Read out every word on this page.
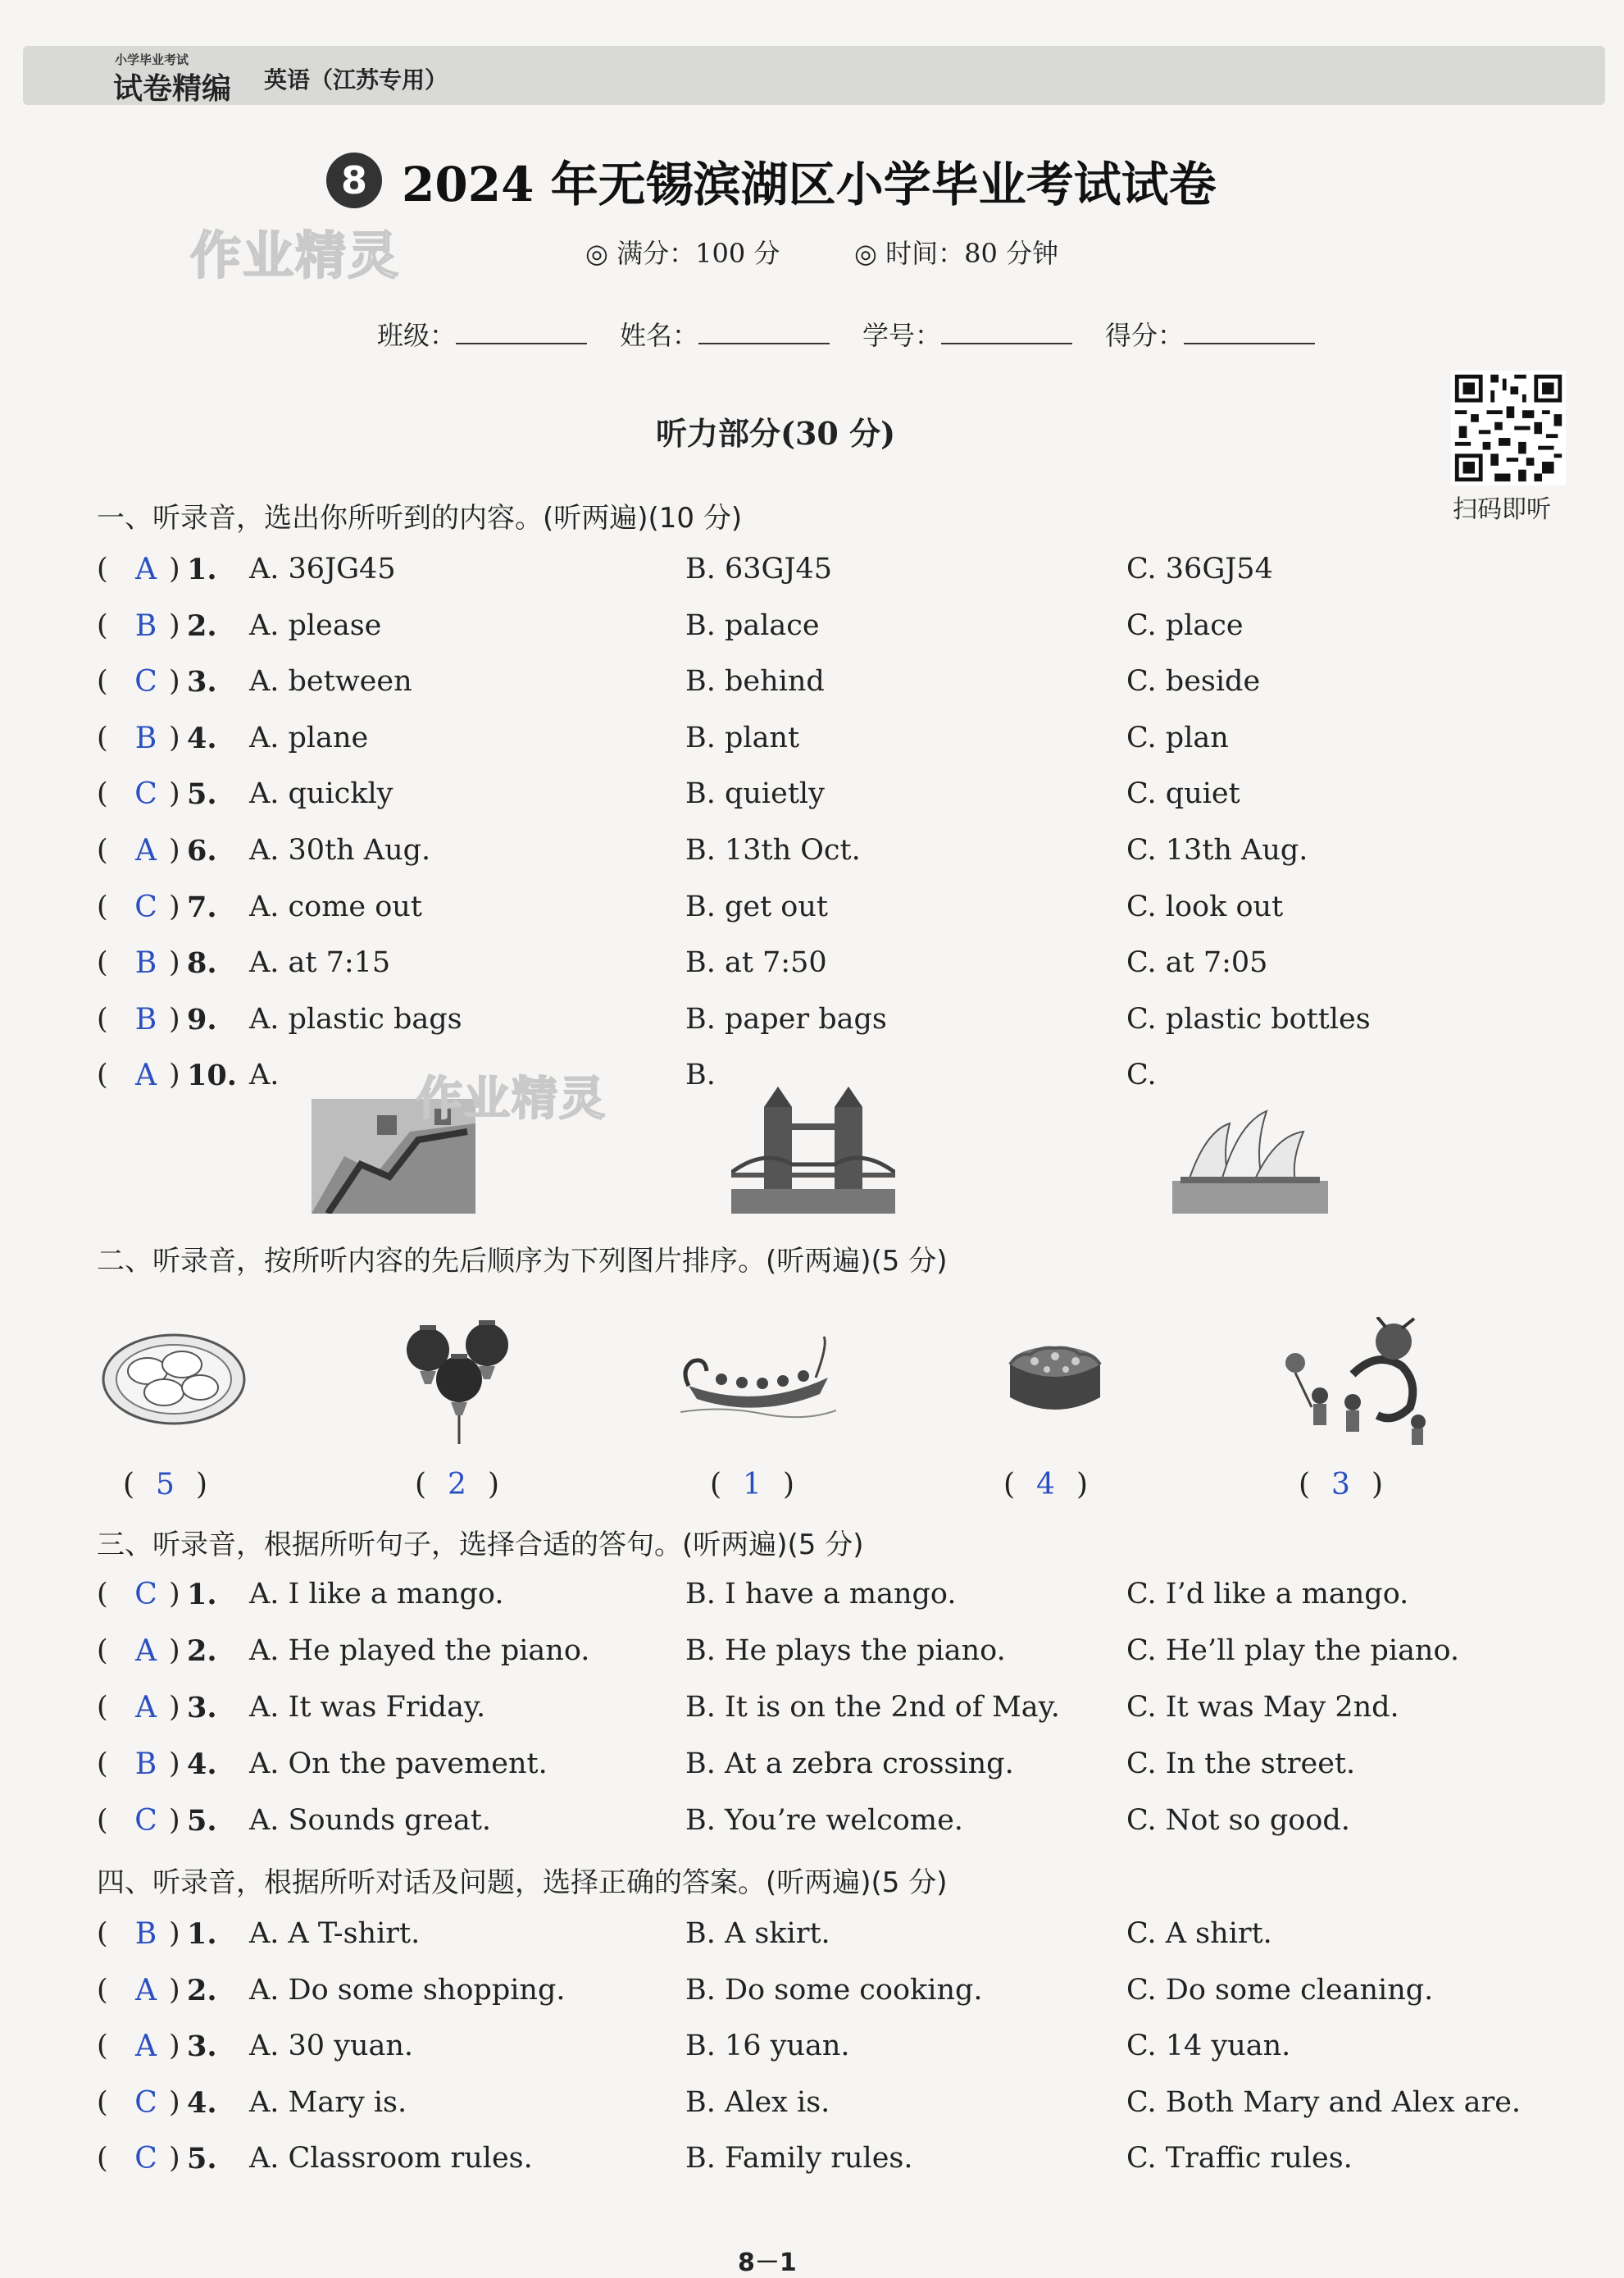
小学毕业考试
试卷精编 英语（江苏专用）
8 2024 年无锡滨湖区小学毕业考试试卷
作业精灵	◎ 满分：100 分	◎ 时间：80 分钟
班级：	姓名：	学号：	得分：
扫码即听
听力部分(30 分)
一、听录音，选出你所听到的内容。(听两遍)(10 分)
( A ) 1. A. 36JG45	B. 63GJ45	C. 36GJ54
( B ) 2. A. please	B. palace	C. place
( C ) 3. A. between	B. behind	C. beside
( B ) 4. A. plane	B. plant	C. plan
( C ) 5. A. quickly	B. quietly	C. quiet
( A ) 6. A. 30th Aug.	B. 13th Oct.	C. 13th Aug.
( C ) 7. A. come out	B. get out	C. look out
( B ) 8. A. at 7:15	B. at 7:50	C. at 7:05
( B ) 9. A. plastic bags	B. paper bags	C. plastic bottles
( A ) 10. A.	B.	C.
作业精灵
二、听录音，按所听内容的先后顺序为下列图片排序。(听两遍)(5 分)
( 5 )	( 2 )	( 1 )	( 4 )	( 3 )
三、听录音，根据所听句子，选择合适的答句。(听两遍)(5 分)
( C ) 1. A. I like a mango.	B. I have a mango.	C. I’d like a mango.
( A ) 2. A. He played the piano.	B. He plays the piano.	C. He’ll play the piano.
( A ) 3. A. It was Friday.	B. It is on the 2nd of May. C. It was May 2nd.
( B ) 4. A. On the pavement.	B. At a zebra crossing.	C. In the street.
( C ) 5. A. Sounds great.	B. You’re welcome.	C. Not so good.
四、听录音，根据所听对话及问题，选择正确的答案。(听两遍)(5 分)
( B ) 1. A. A T-shirt.	B. A skirt.	C. A shirt.
( A ) 2. A. Do some shopping.	B. Do some cooking.	C. Do some cleaning.
( A ) 3. A. 30 yuan.	B. 16 yuan.	C. 14 yuan.
( C ) 4. A. Mary is.	B. Alex is.	C. Both Mary and Alex are.
( C ) 5. A. Classroom rules.	B. Family rules.	C. Traffic rules.
8－1
